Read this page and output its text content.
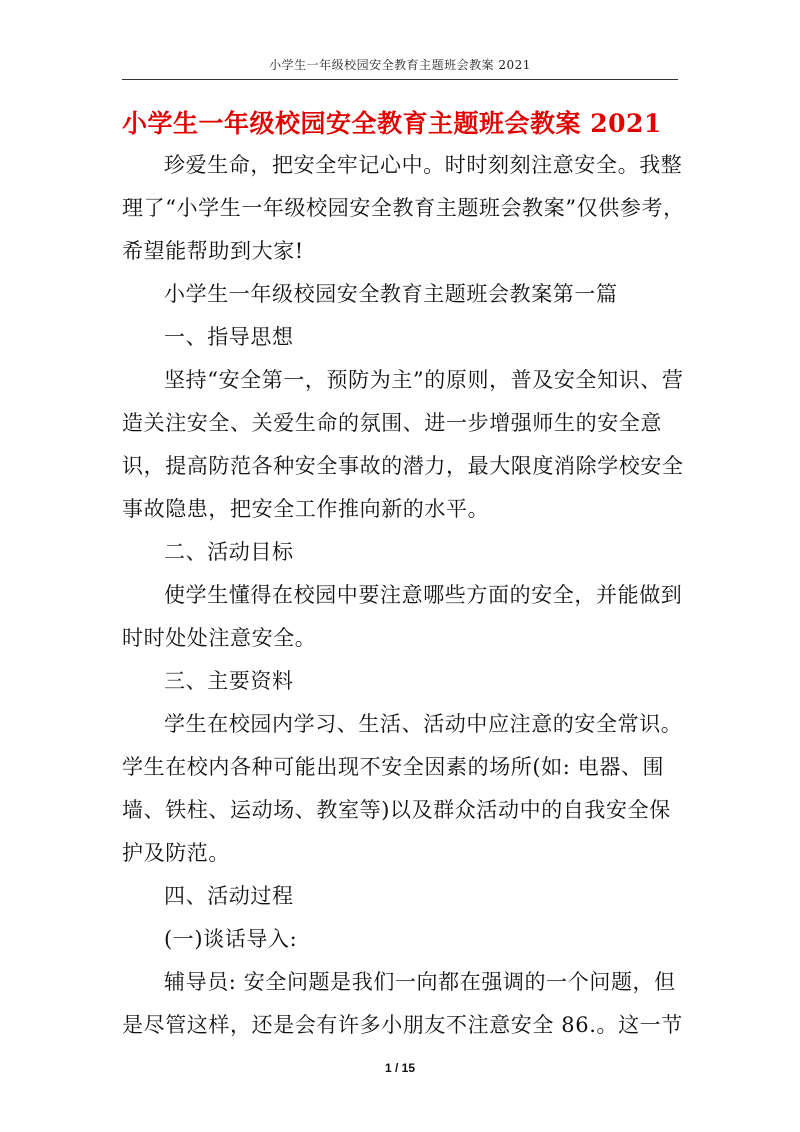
小学生一年级校园安全教育主题班会教案 2021
小学生一年级校园安全教育主题班会教案 2021

珍爱生命，把安全牢记心中。时时刻刻注意安全。我整理了“小学生一年级校园安全教育主题班会教案”仅供参考，希望能帮助到大家!

小学生一年级校园安全教育主题班会教案第一篇

一、指导思想

坚持“安全第一，预防为主”的原则，普及安全知识、营造关注安全、关爱生命的氛围、进一步增强师生的安全意识，提高防范各种安全事故的潜力，最大限度消除学校安全事故隐患，把安全工作推向新的水平。

二、活动目标

使学生懂得在校园中要注意哪些方面的安全，并能做到时时处处注意安全。

三、主要资料

学生在校园内学习、生活、活动中应注意的安全常识。学生在校内各种可能出现不安全因素的场所(如: 电器、围墙、铁柱、运动场、教室等)以及群众活动中的自我安全保护及防范。

四、活动过程

(一)谈话导入:

辅导员: 安全问题是我们一向都在强调的一个问题，但是尽管这样，还是会有许多小朋友不注意安全 86.。这一节

1 / 15
